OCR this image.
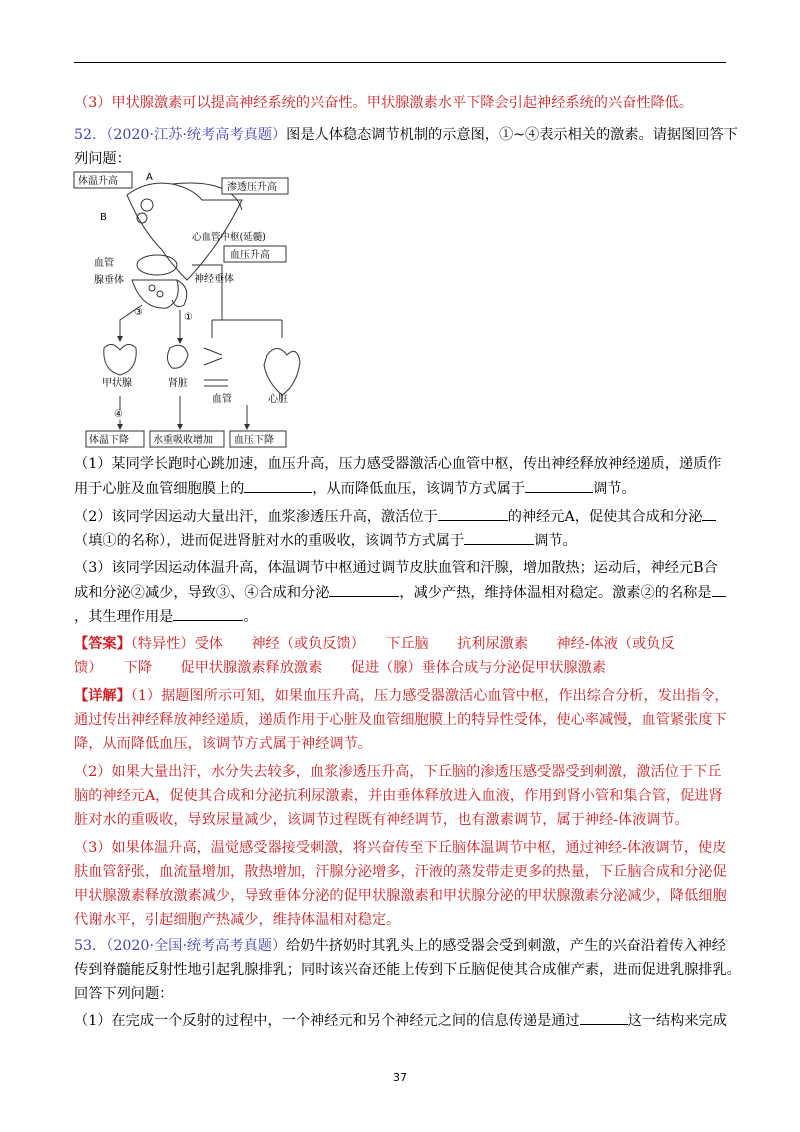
（3）甲状腺激素可以提高神经系统的兴奋性。甲状腺激素水平下降会引起神经系统的兴奋性降低。
52．（2020·江苏·统考高考真题）图是人体稳态调节机制的示意图，①~④表示相关的激素。请据图回答下
列问题：
体温升高	A
B
渗透压升高
心血管中枢(延髓)
血压升高
血管
腺垂体	神经垂体
③	①
甲状腺	肾脏
④
血管	心脏
体温下降 水重吸收增加 血压下降
（1）某同学长跑时心跳加速，血压升高，压力感受器激活心血管中枢，传出神经释放神经递质，递质作
用于心脏及血管细胞膜上的	，从而降低血压，该调节方式属于	调节。
（2）该同学因运动大量出汗，血浆渗透压升高，激活位于	的神经元A，促使其合成和分泌
（填①的名称），进而促进肾脏对水的重吸收，该调节方式属于	调节。
（3）该同学因运动体温升高，体温调节中枢通过调节皮肤血管和汗腺，增加散热；运动后，神经元B合
成和分泌②减少，导致③、④合成和分泌	，减少产热，维持体温相对稳定。激素②的名称是
，其生理作用是	。
【答案】（特异性）受体　　神经（或负反馈）　　下丘脑　　抗利尿激素　　神经-体液（或负反
馈）　　下降　　促甲状腺激素释放激素　　促进（腺）垂体合成与分泌促甲状腺激素
【详解】（1）据题图所示可知，如果血压升高，压力感受器激活心血管中枢，作出综合分析，发出指令，
通过传出神经释放神经递质，递质作用于心脏及血管细胞膜上的特异性受体，使心率减慢，血管紧张度下
降，从而降低血压，该调节方式属于神经调节。
（2）如果大量出汗，水分失去较多，血浆渗透压升高，下丘脑的渗透压感受器受到刺激，激活位于下丘
脑的神经元A，促使其合成和分泌抗利尿激素，并由垂体释放进入血液，作用到肾小管和集合管，促进肾
脏对水的重吸收，导致尿量减少，该调节过程既有神经调节，也有激素调节，属于神经-体液调节。
（3）如果体温升高，温觉感受器接受刺激，将兴奋传至下丘脑体温调节中枢，通过神经-体液调节，使皮
肤血管舒张，血流量增加，散热增加，汗腺分泌增多，汗液的蒸发带走更多的热量，下丘脑合成和分泌促
甲状腺激素释放激素减少，导致垂体分泌的促甲状腺激素和甲状腺分泌的甲状腺激素分泌减少，降低细胞
代谢水平，引起细胞产热减少，维持体温相对稳定。
53．（2020·全国·统考高考真题）给奶牛挤奶时其乳头上的感受器会受到刺激，产生的兴奋沿着传入神经
传到脊髓能反射性地引起乳腺排乳；同时该兴奋还能上传到下丘脑促使其合成催产素，进而促进乳腺排乳。
回答下列问题：
（1）在完成一个反射的过程中，一个神经元和另个神经元之间的信息传递是通过	这一结构来完成
37
